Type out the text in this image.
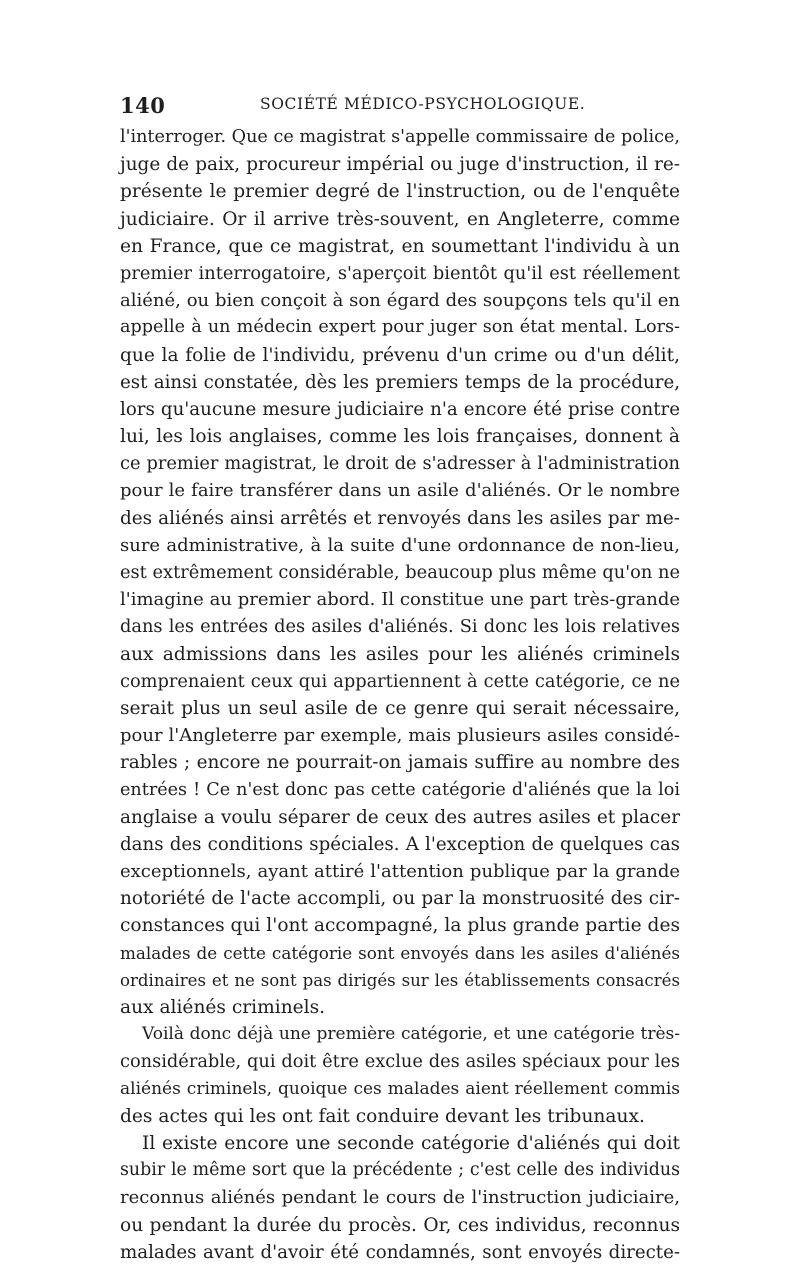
140	SOCIÉTÉ MÉDICO-PSYCHOLOGIQUE.
l'interroger. Que ce magistrat s'appelle commissaire de police,
juge de paix, procureur impérial ou juge d'instruction, il re-
présente le premier degré de l'instruction, ou de l'enquête
judiciaire. Or il arrive très-souvent, en Angleterre, comme
en France, que ce magistrat, en soumettant l'individu à un
premier interrogatoire, s'aperçoit bientôt qu'il est réellement
aliéné, ou bien conçoit à son égard des soupçons tels qu'il en
appelle à un médecin expert pour juger son état mental. Lors-
que la folie de l'individu, prévenu d'un crime ou d'un délit,
est ainsi constatée, dès les premiers temps de la procédure,
lors qu'aucune mesure judiciaire n'a encore été prise contre
lui, les lois anglaises, comme les lois françaises, donnent à
ce premier magistrat, le droit de s'adresser à l'administration
pour le faire transférer dans un asile d'aliénés. Or le nombre
des aliénés ainsi arrêtés et renvoyés dans les asiles par me-
sure administrative, à la suite d'une ordonnance de non-lieu,
est extrêmement considérable, beaucoup plus même qu'on ne
l'imagine au premier abord. Il constitue une part très-grande
dans les entrées des asiles d'aliénés. Si donc les lois relatives
aux admissions dans les asiles pour les aliénés criminels
comprenaient ceux qui appartiennent à cette catégorie, ce ne
serait plus un seul asile de ce genre qui serait nécessaire,
pour l'Angleterre par exemple, mais plusieurs asiles considé-
rables ; encore ne pourrait-on jamais suffire au nombre des
entrées ! Ce n'est donc pas cette catégorie d'aliénés que la loi
anglaise a voulu séparer de ceux des autres asiles et placer
dans des conditions spéciales. A l'exception de quelques cas
exceptionnels, ayant attiré l'attention publique par la grande
notoriété de l'acte accompli, ou par la monstruosité des cir-
constances qui l'ont accompagné, la plus grande partie des
malades de cette catégorie sont envoyés dans les asiles d'aliénés
ordinaires et ne sont pas dirigés sur les établissements consacrés
aux aliénés criminels.
Voilà donc déjà une première catégorie, et une catégorie très-
considérable, qui doit être exclue des asiles spéciaux pour les
aliénés criminels, quoique ces malades aient réellement commis
des actes qui les ont fait conduire devant les tribunaux.
Il existe encore une seconde catégorie d'aliénés qui doit
subir le même sort que la précédente ; c'est celle des individus
reconnus aliénés pendant le cours de l'instruction judiciaire,
ou pendant la durée du procès. Or, ces individus, reconnus
malades avant d'avoir été condamnés, sont envoyés directe-
